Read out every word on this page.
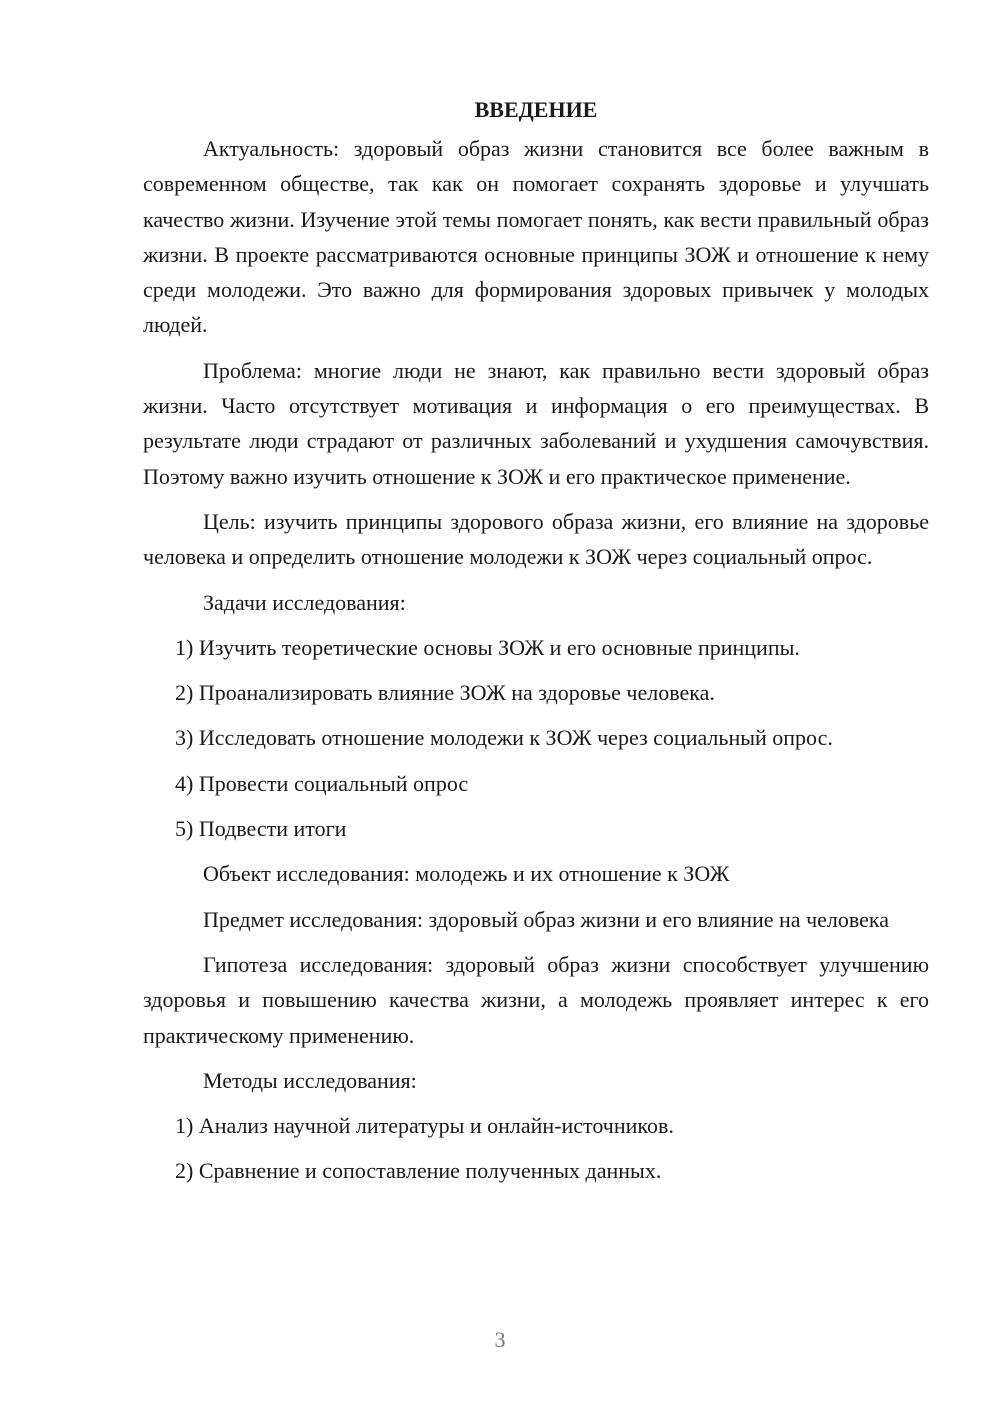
ВВЕДЕНИЕ

Актуальность: здоровый образ жизни становится все более важным в современном обществе, так как он помогает сохранять здоровье и улучшать качество жизни. Изучение этой темы помогает понять, как вести правильный образ жизни. В проекте рассматриваются основные принципы ЗОЖ и отношение к нему среди молодежи. Это важно для формирования здоровых привычек у молодых людей.

Проблема: многие люди не знают, как правильно вести здоровый образ жизни. Часто отсутствует мотивация и информация о его преимуществах. В результате люди страдают от различных заболеваний и ухудшения самочувствия. Поэтому важно изучить отношение к ЗОЖ и его практическое применение.

Цель: изучить принципы здорового образа жизни, его влияние на здоровье человека и определить отношение молодежи к ЗОЖ через социальный опрос.

Задачи исследования:

1) Изучить теоретические основы ЗОЖ и его основные принципы.
2) Проанализировать влияние ЗОЖ на здоровье человека.
3) Исследовать отношение молодежи к ЗОЖ через социальный опрос.
4) Провести социальный опрос
5) Подвести итоги

Объект исследования: молодежь и их отношение к ЗОЖ

Предмет исследования: здоровый образ жизни и его влияние на человека

Гипотеза исследования: здоровый образ жизни способствует улучшению здоровья и повышению качества жизни, а молодежь проявляет интерес к его практическому применению.

Методы исследования:

1) Анализ научной литературы и онлайн-источников.
2) Сравнение и сопоставление полученных данных.
3
